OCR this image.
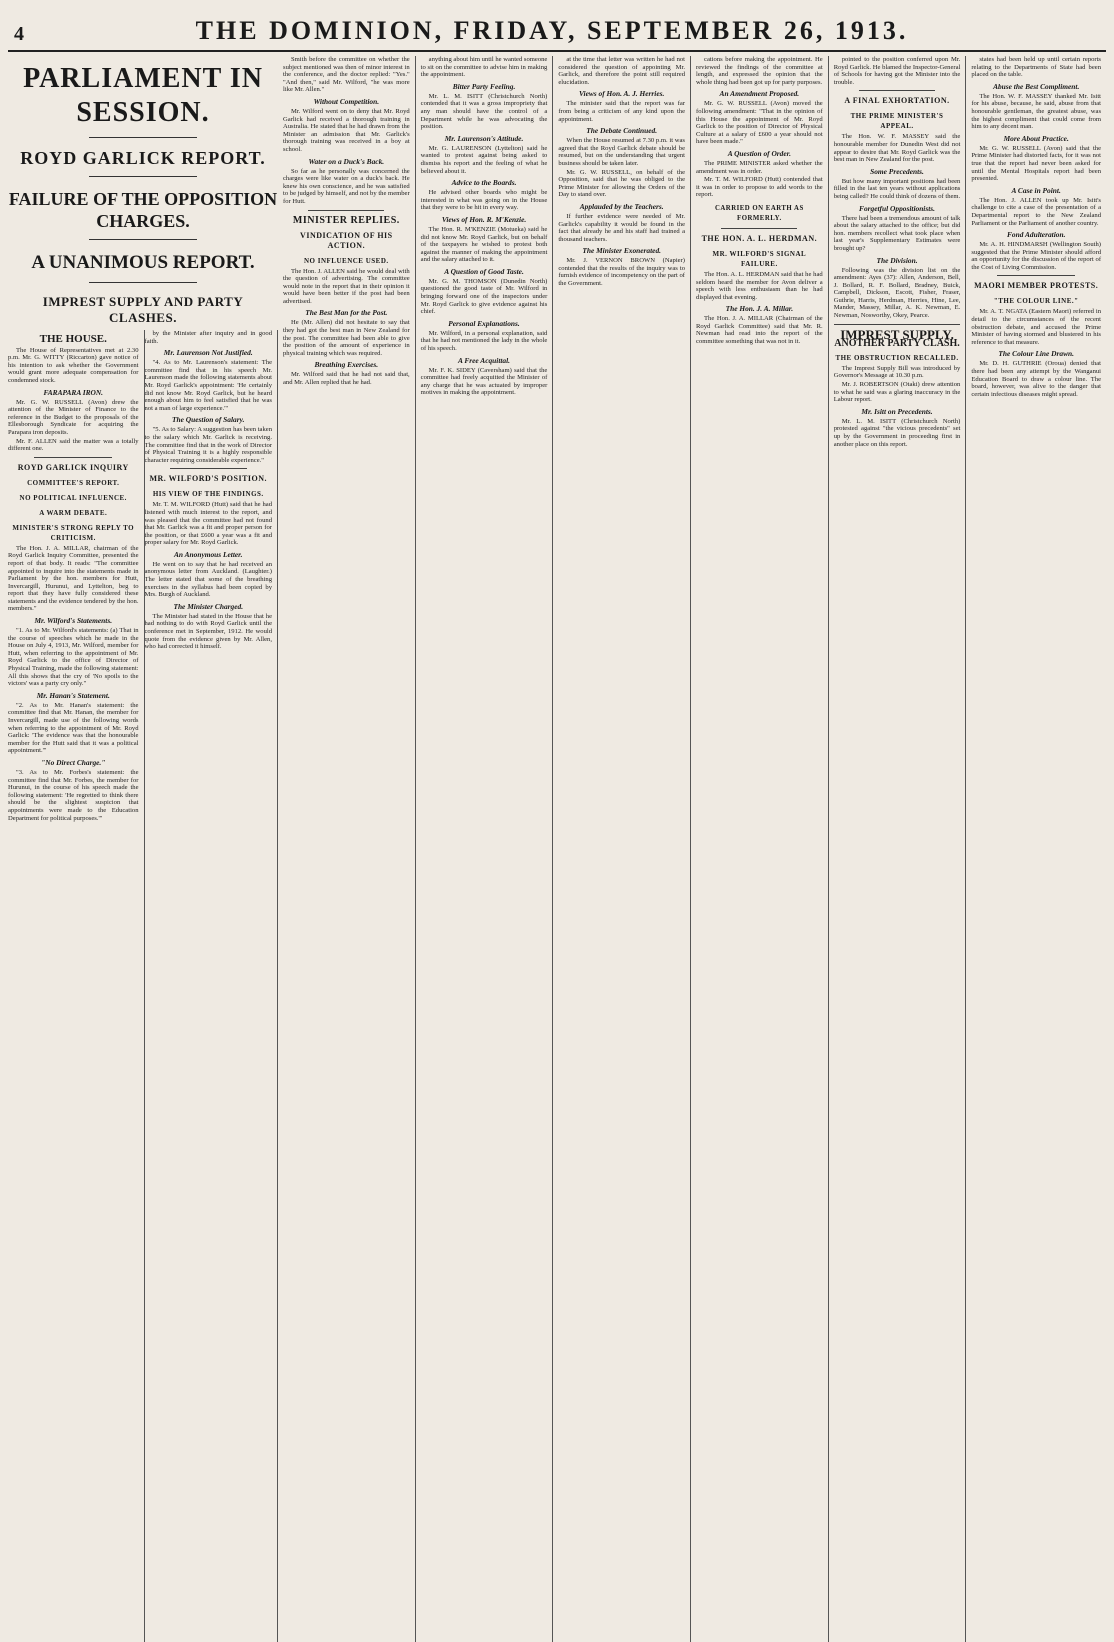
4	THE DOMINION, FRIDAY, SEPTEMBER 26, 1913.
PARLIAMENT IN SESSION.
ROYD GARLICK REPORT.
FAILURE OF THE OPPOSITION CHARGES.
A UNANIMOUS REPORT.
IMPREST SUPPLY AND PARTY CLASHES.
THE HOUSE.

The House of Representatives met at 2.30 p.m. Mr. G. WITTY (Riccarton) gave notice of his intention to ask whether the Government would grant more adequate compensation for condemned stock.

FARAPARA IRON.

Mr. G. W. RUSSELL (Avon) drew the attention of the Minister of Finance to the reference in the Budget to the proposals of the Ellesborough Syndicate for acquiring the Parapara iron deposits.

Mr. F. ALLEN said the matter was a totally different one.

ROYD GARLICK INQUIRY
COMMITTEE'S REPORT.
NO POLITICAL INFLUENCE.
A WARM DEBATE.
MINISTER'S STRONG REPLY TO CRITICISM.

The Hon. J. A. MILLAR, chairman of the Royd Garlick Inquiry Committee, presented the report of that body. It reads: "The committee appointed to inquire into the statements made in Parliament by the hon. members for Hutt, Invercargill, Hurunui, and Lyttelton, beg to report that they have fully considered these statements and the evidence tendered by the hon. members."

Mr. Wilford's Statements.

"1. As to Mr. Wilford's statements: (a) That in the course of speeches which he made in the House on July 4, 1913, Mr. Wilford, member for Hutt, when referring to the appointment of Mr. Royd Garlick to the office of Director of Physical Training, made the following statement: All this shows that the cry of 'No spoils to the victors' was a party cry only."

Mr. Hanan's Statement.

"2. As to Mr. Hanan's statement: the committee find that Mr. Hanan, the member for Invercargill, made use of the following words when referring to the appointment of Mr. Royd Garlick: 'The evidence was that the honourable member for the Hutt said that it was a political appointment.'"

"No Direct Charge."

"3. As to Mr. Forbes's statement: the committee find that Mr. Forbes, the member for Hurunui, in the course of his speech made the following statement: 'He regretted to think there should be the slightest suspicion that appointments were made to the Education Department for political purposes.'"

by the Minister after inquiry and in good faith.

Mr. Laurenson Not Justified.

"4. As to Mr. Laurenson's statement: The committee find that in his speech Mr. Laurenson made the following statements about Mr. Royd Garlick's appointment: 'He certainly did not know Mr. Royd Garlick, but he heard enough about him to feel satisfied that he was not a man of large experience.'"

The Question of Salary.

"5. As to Salary: A suggestion has been taken to the salary which Mr. Garlick is receiving. The committee find that in the work of Director of Physical Training it is a highly responsible character requiring considerable experience."

MR. WILFORD'S POSITION.
HIS VIEW OF THE FINDINGS.

Mr. T. M. WILFORD (Hutt) said that he had listened with much interest to the report, and was pleased that the committee had not found that Mr. Garlick was a fit and proper person for the position, or that £600 a year was a fit and proper salary for Mr. Royd Garlick.

An Anonymous Letter.

He went on to say that he had received an anonymous letter from Auckland. (Laughter.) The letter stated that some of the breathing exercises in the syllabus had been copied by Mrs. Burgh of Auckland.

The Minister Charged.

The Minister had stated in the House that he had nothing to do with Royd Garlick until the conference met in September, 1912. He would quote from the evidence given by Mr. Allen, who had corrected it himself.

Smith before the committee on whether the subject mentioned was then of minor interest in the conference, and the doctor replied: "Yes." "And then," said Mr. Wilford, "he was more like Mr. Allen."

Without Competition.

Mr. Wilford went on to deny that Mr. Royd Garlick had received a thorough training in Australia. He stated that he had drawn from the Minister an admission that Mr. Garlick's thorough training was received in a boy at school.

Water on a Duck's Back.

So far as he personally was concerned the charges were like water on a duck's back. He knew his own conscience, and he was satisfied to be judged by himself, and not by the member for Hutt.

MINISTER REPLIES.
VINDICATION OF HIS ACTION.
NO INFLUENCE USED.

The Hon. J. ALLEN said he would deal with the question of advertising. The committee would note in the report that in their opinion it would have been better if the post had been advertised.

The Best Man for the Post.

He (Mr. Allen) did not hesitate to say that they had got the best man in New Zealand for the post. The committee had been able to give the position of the amount of experience in physical training which was required.

Breathing Exercises.

Mr. Wilford said that he had not said that, and Mr. Allen replied that he had.

anything about him until he wanted someone to sit on the committee to advise him in making the appointment.

Bitter Party Feeling.

Mr. L. M. ISITT (Christchurch North) contended that it was a gross impropriety that any man should have the control of a Department while he was advocating the position.

Mr. Laurenson's Attitude.

Mr. G. LAURENSON (Lyttelton) said he wanted to protest against being asked to dismiss his report and the feeling of what he believed about it.

Advice to the Boards.

He advised other boards who might be interested in what was going on in the House that they were to be hit in every way.

Views of Hon. R. M'Kenzie.

The Hon. R. M'KENZIE (Motueka) said he did not know Mr. Royd Garlick, but on behalf of the taxpayers he wished to protest both against the manner of making the appointment and the salary attached to it.

A Question of Good Taste.

Mr. G. M. THOMSON (Dunedin North) questioned the good taste of Mr. Wilford in bringing forward one of the inspectors under Mr. Royd Garlick to give evidence against his chief.

Personal Explanations.

Mr. Wilford, in a personal explanation, said that he had not mentioned the lady in the whole of his speech.

A Free Acquittal.

Mr. F. K. SIDEY (Caversham) said that the committee had freely acquitted the Minister of any charge that he was actuated by improper motives in making the appointment.

at the time that letter was written he had not considered the question of appointing Mr. Garlick, and therefore the point still required elucidation.

Views of Hon. A. J. Herries.

The minister said that the report was far from being a criticism of any kind upon the appointment.

The Debate Continued.

When the House resumed at 7.30 p.m. it was agreed that the Royd Garlick debate should be resumed, but on the understanding that urgent business should be taken later.

Mr. G. W. RUSSELL, on behalf of the Opposition, said that he was obliged to the Prime Minister for allowing the Orders of the Day to stand over.

Applauded by the Teachers.

If further evidence were needed of Mr. Garlick's capability it would be found in the fact that already he and his staff had trained a thousand teachers.

The Minister Exonerated.

Mr. J. VERNON BROWN (Napier) contended that the results of the inquiry was to furnish evidence of incompetency on the part of the Government.

cations before making the appointment. He reviewed the findings of the committee at length, and expressed the opinion that the whole thing had been got up for party purposes.

An Amendment Proposed.

Mr. G. W. RUSSELL (Avon) moved the following amendment: "That in the opinion of this House the appointment of Mr. Royd Garlick to the position of Director of Physical Culture at a salary of £600 a year should not have been made."

A Question of Order.

The PRIME MINISTER asked whether the amendment was in order.

Mr. T. M. WILFORD (Hutt) contended that it was in order to propose to add words to the report.

CARRIED ON EARTH AS FORMERLY.
THE HON. A. L. HERDMAN.
MR. WILFORD'S SIGNAL FAILURE.

The Hon. A. L. HERDMAN said that he had seldom heard the member for Avon deliver a speech with less enthusiasm than he had displayed that evening.

The Hon. J. A. Millar.

The Hon. J. A. MILLAR (Chairman of the Royd Garlick Committee) said that Mr. R. Newman had read into the report of the committee something that was not in it.

pointed to the position conferred upon Mr. Royd Garlick. He blamed the Inspector-General of Schools for having got the Minister into the trouble.

A FINAL EXHORTATION.
THE PRIME MINISTER'S APPEAL.

The Hon. W. F. MASSEY said the honourable member for Dunedin West did not appear to desire that Mr. Royd Garlick was the best man in New Zealand for the post.

Some Precedents.

But how many important positions had been filled in the last ten years without applications being called? He could think of dozens of them.

Forgetful Oppositionists.

There had been a tremendous amount of talk about the salary attached to the office; but did hon. members recollect what took place when last year's Supplementary Estimates were brought up?

The Division.

Following was the division list on the amendment: Ayes (37): Allen, Anderson, Bell, J. Bollard, R. F. Bollard, Bradney, Buick, Campbell, Dickson, Escott, Fisher, Fraser, Guthrie, Harris, Herdman, Herries, Hine, Lee, Mander, Massey, Millar, A. K. Newman, E. Newman, Nosworthy, Okey, Pearce.

IMPREST SUPPLY.
ANOTHER PARTY CLASH.
THE OBSTRUCTION RECALLED.

The Imprest Supply Bill was introduced by Governor's Message at 10.30 p.m.

Mr. J. ROBERTSON (Otaki) drew attention to what he said was a glaring inaccuracy in the Labour report.

Mr. Isitt on Precedents.

Mr. L. M. ISITT (Christchurch North) protested against "the vicious precedents" set up by the Government in proceeding first in another place on this report.

states had been held up until certain reports relating to the Departments of State had been placed on the table.

Abuse the Best Compliment.

The Hon. W. F. MASSEY thanked Mr. Isitt for his abuse, because, he said, abuse from that honourable gentleman, the greatest abuse, was the highest compliment that could come from him to any decent man.

More About Practice.

Mr. G. W. RUSSELL (Avon) said that the Prime Minister had distorted facts, for it was not true that the report had never been asked for until the Mental Hospitals report had been presented.

A Case in Point.

The Hon. J. ALLEN took up Mr. Isitt's challenge to cite a case of the presentation of a Departmental report to the New Zealand Parliament or the Parliament of another country.

Fond Adulteration.

Mr. A. H. HINDMARSH (Wellington South) suggested that the Prime Minister should afford an opportunity for the discussion of the report of the Cost of Living Commission.

MAORI MEMBER PROTESTS.
"THE COLOUR LINE."

Mr. A. T. NGATA (Eastern Maori) referred in detail to the circumstances of the recent obstruction debate, and accused the Prime Minister of having stormed and blustered in his reference to that measure.

The Colour Line Drawn.

Mr. D. H. GUTHRIE (Oroua) denied that there had been any attempt by the Wanganui Education Board to draw a colour line. The board, however, was alive to the danger that certain infectious diseases might spread.
